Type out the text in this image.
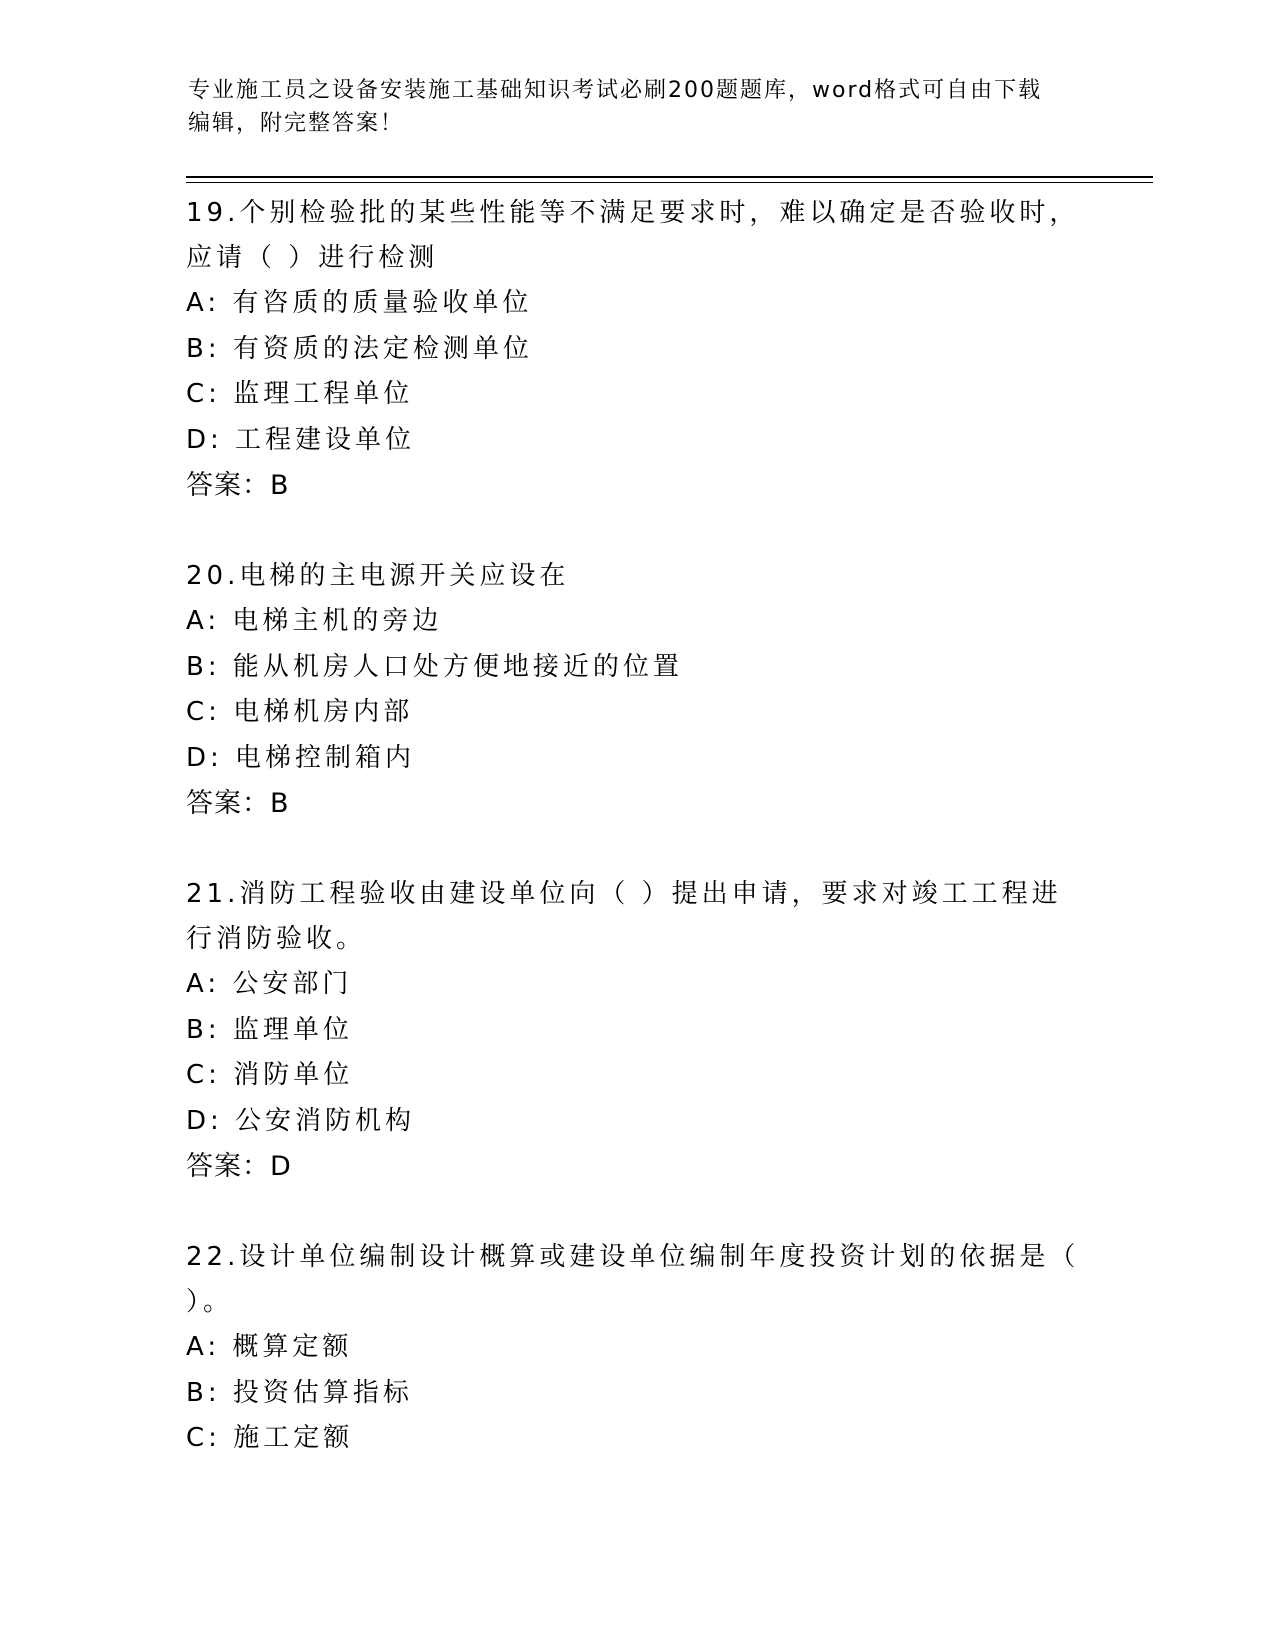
专业施工员之设备安装施工基础知识考试必刷200题题库，word格式可自由下载
编辑，附完整答案！
19.个别检验批的某些性能等不满足要求时，难以确定是否验收时，应请（ ）进行检测
A: 有咨质的质量验收单位
B: 有资质的法定检测单位
C: 监理工程单位
D: 工程建设单位
答案：B
20.电梯的主电源开关应设在
A: 电梯主机的旁边
B: 能从机房人口处方便地接近的位置
C: 电梯机房内部
D: 电梯控制箱内
答案：B
21.消防工程验收由建设单位向（ ）提出申请，要求对竣工工程进行消防验收。
A: 公安部门
B: 监理单位
C: 消防单位
D: 公安消防机构
答案：D
22.设计单位编制设计概算或建设单位编制年度投资计划的依据是（ ）。
A: 概算定额
B: 投资估算指标
C: 施工定额
